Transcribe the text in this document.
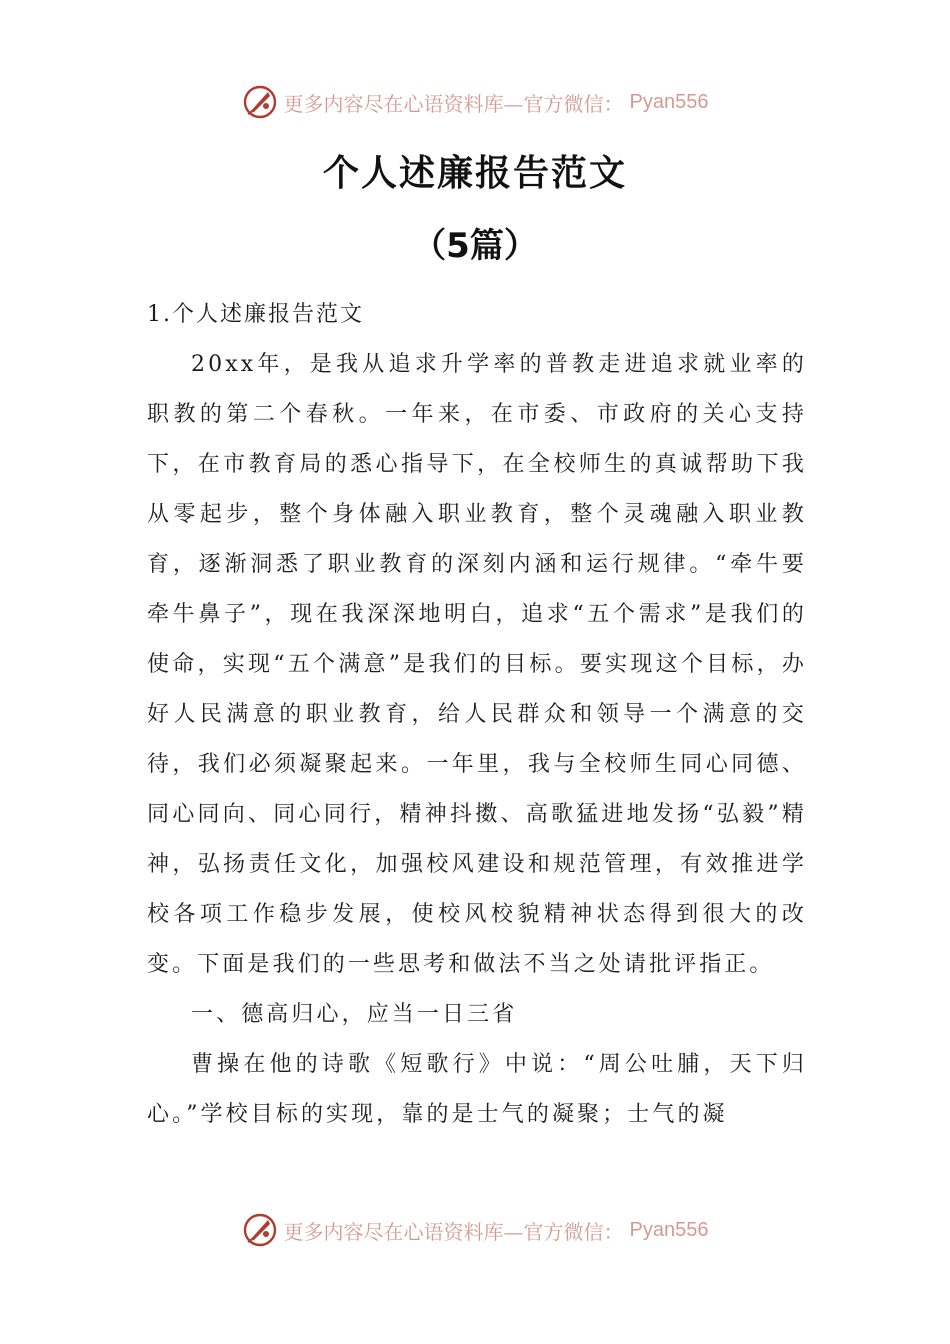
更多内容尽在心语资料库—官方微信： Pyan556
个人述廉报告范文
（5篇）

1.个人述廉报告范文

20xx年，是我从追求升学率的普教走进追求就业率的职教的第二个春秋。一年来，在市委、市政府的关心支持下，在市教育局的悉心指导下，在全校师生的真诚帮助下我从零起步，整个身体融入职业教育，整个灵魂融入职业教育，逐渐洞悉了职业教育的深刻内涵和运行规律。“牵牛要牵牛鼻子”，现在我深深地明白，追求“五个需求”是我们的使命，实现“五个满意”是我们的目标。要实现这个目标，办好人民满意的职业教育，给人民群众和领导一个满意的交待，我们必须凝聚起来。一年里，我与全校师生同心同德、同心同向、同心同行，精神抖擞、高歌猛进地发扬“弘毅”精神，弘扬责任文化，加强校风建设和规范管理，有效推进学校各项工作稳步发展，使校风校貌精神状态得到很大的改变。下面是我们的一些思考和做法不当之处请批评指正。

一、德高归心，应当一日三省

曹操在他的诗歌《短歌行》中说：“周公吐脯，天下归心。”学校目标的实现，靠的是士气的凝聚；士气的凝

更多内容尽在心语资料库—官方微信： Pyan556
